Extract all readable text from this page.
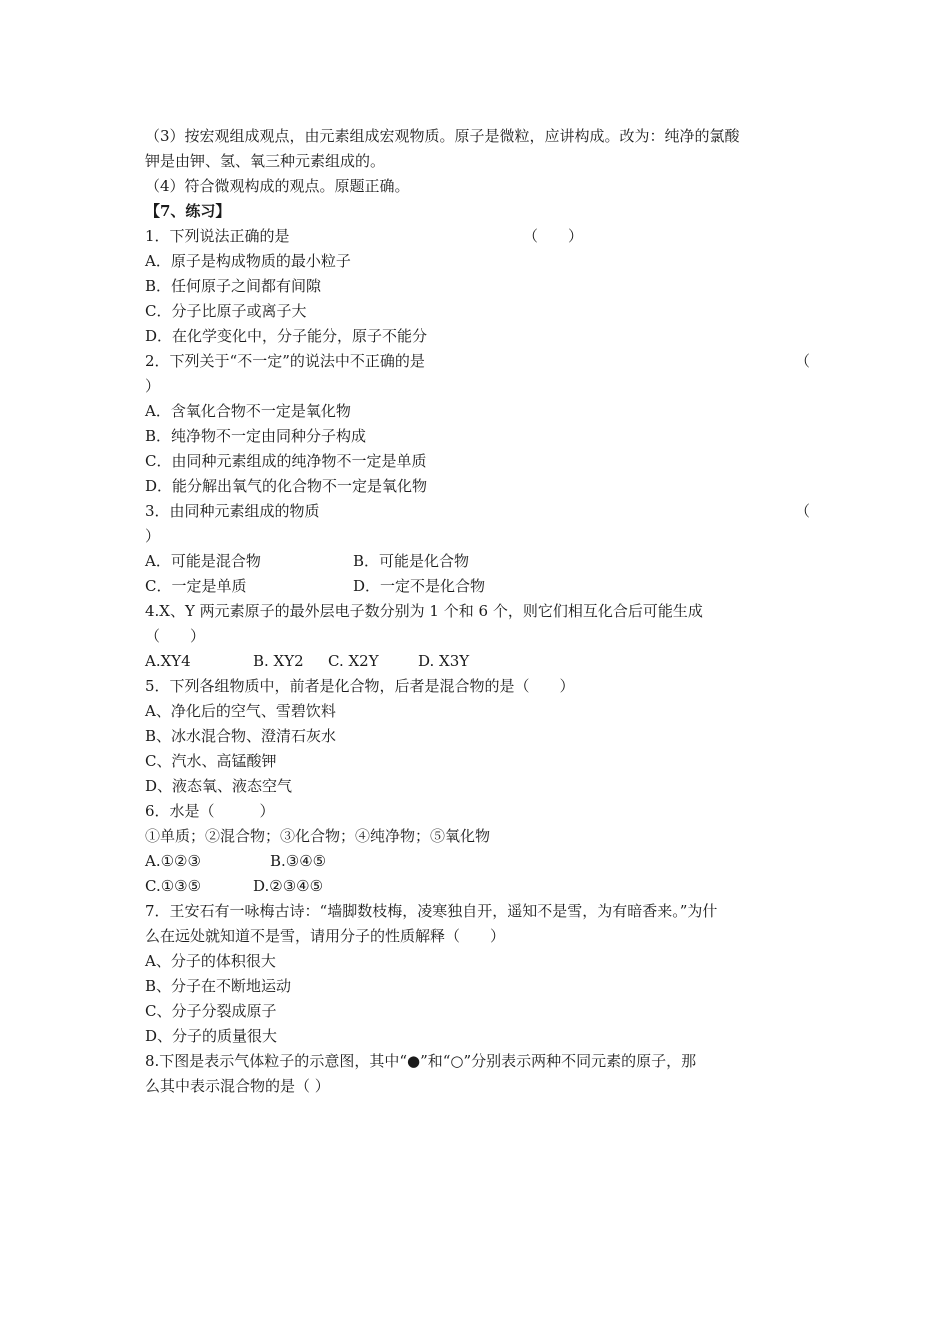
（3）按宏观组成观点，由元素组成宏观物质。原子是微粒，应讲构成。改为：纯净的氯酸
钾是由钾、氢、氧三种元素组成的。
（4）符合微观构成的观点。原题正确。
【7、练习】
1．下列说法正确的是	（　　）
A．原子是构成物质的最小粒子
B．任何原子之间都有间隙
C．分子比原子或离子大
D．在化学变化中，分子能分，原子不能分
2．下列关于“不一定”的说法中不正确的是	（
）
A．含氧化合物不一定是氧化物
B．纯净物不一定由同种分子构成
C．由同种元素组成的纯净物不一定是单质
D．能分解出氧气的化合物不一定是氧化物
3．由同种元素组成的物质	（
）
A．可能是混合物	B．可能是化合物
C．一定是单质	D．一定不是化合物
4.X、Y 两元素原子的最外层电子数分别为 1 个和 6 个，则它们相互化合后可能生成
（　　）
A.XY4	B. XY2 C. X2Y	D. X3Y
5．下列各组物质中，前者是化合物，后者是混合物的是（　　）
A、净化后的空气、雪碧饮料
B、冰水混合物、澄清石灰水
C、汽水、高锰酸钾
D、液态氧、液态空气
6．水是（　　　）
①单质；②混合物；③化合物；④纯净物；⑤氧化物
A.①②③	B.③④⑤
C.①③⑤	D.②③④⑤
7．王安石有一咏梅古诗：“墙脚数枝梅，凌寒独自开，遥知不是雪，为有暗香来。”为什
么在远处就知道不是雪，请用分子的性质解释（　　）
A、分子的体积很大
B、分子在不断地运动
C、分子分裂成原子
D、分子的质量很大
8.下图是表示气体粒子的示意图，其中“●”和“○”分别表示两种不同元素的原子，那
么其中表示混合物的是（ ）
